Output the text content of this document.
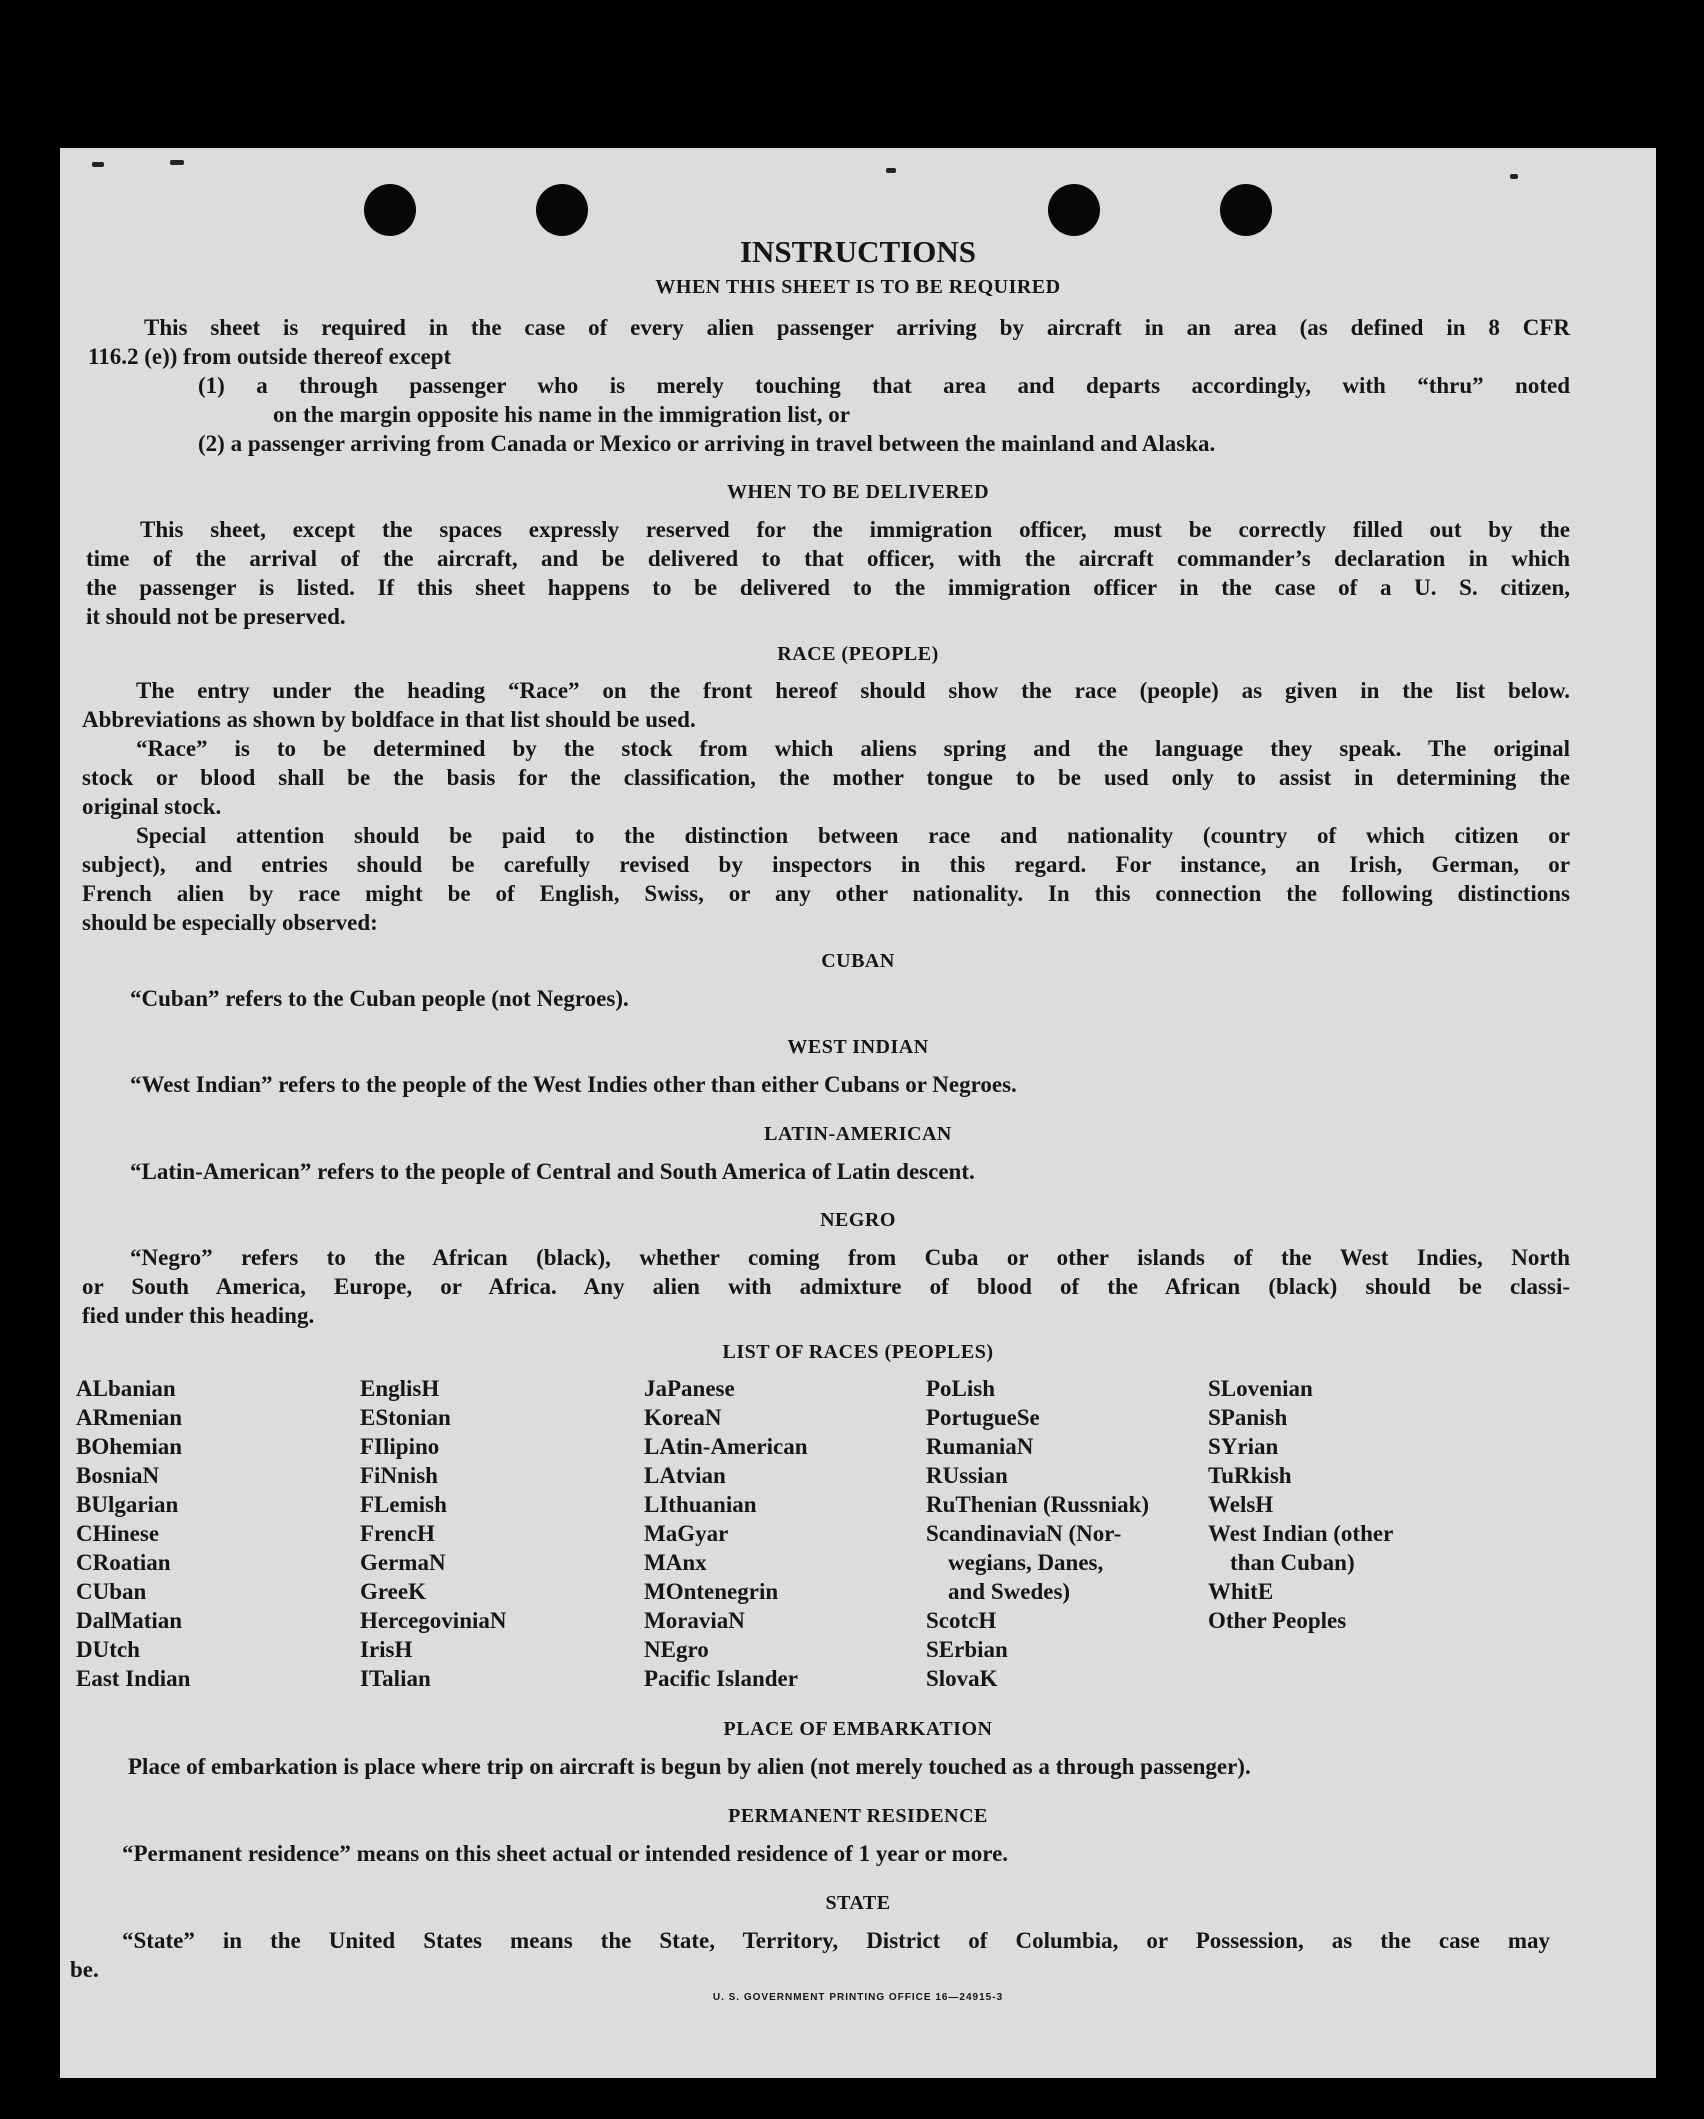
INSTRUCTIONS
WHEN THIS SHEET IS TO BE REQUIRED
This sheet is required in the case of every alien passenger arriving by aircraft in an area (as defined in 8 CFR
116.2 (e)) from outside thereof except
(1) a through passenger who is merely touching that area and departs accordingly, with “thru” noted
on the margin opposite his name in the immigration list, or
(2) a passenger arriving from Canada or Mexico or arriving in travel between the mainland and Alaska.
WHEN TO BE DELIVERED
This sheet, except the spaces expressly reserved for the immigration officer, must be correctly filled out by the
time of the arrival of the aircraft, and be delivered to that officer, with the aircraft commander’s declaration in which
the passenger is listed. If this sheet happens to be delivered to the immigration officer in the case of a U. S. citizen,
it should not be preserved.
RACE (PEOPLE)
The entry under the heading “Race” on the front hereof should show the race (people) as given in the list below.
Abbreviations as shown by boldface in that list should be used.
“Race” is to be determined by the stock from which aliens spring and the language they speak. The original
stock or blood shall be the basis for the classification, the mother tongue to be used only to assist in determining the
original stock.
Special attention should be paid to the distinction between race and nationality (country of which citizen or
subject), and entries should be carefully revised by inspectors in this regard. For instance, an Irish, German, or
French alien by race might be of English, Swiss, or any other nationality. In this connection the following distinctions
should be especially observed:
CUBAN
“Cuban” refers to the Cuban people (not Negroes).
WEST INDIAN
“West Indian” refers to the people of the West Indies other than either Cubans or Negroes.
LATIN-AMERICAN
“Latin-American” refers to the people of Central and South America of Latin descent.
NEGRO
“Negro” refers to the African (black), whether coming from Cuba or other islands of the West Indies, North
or South America, Europe, or Africa. Any alien with admixture of blood of the African (black) should be classi-
fied under this heading.
LIST OF RACES (PEOPLES)
ALbanian
ARmenian
BOhemian
BosniaN
BUlgarian
CHinese
CRoatian
CUban
DalMatian
DUtch
East Indian
EnglisH
EStonian
FIlipino
FiNnish
FLemish
FrencH
GermaN
GreeK
HercegoviniaN
IrisH
ITalian
JaPanese
KoreaN
LAtin-American
LAtvian
LIthuanian
MaGyar
MAnx
MOntenegrin
MoraviaN
NEgro
Pacific Islander
PoLish
PortugueSe
RumaniaN
RUssian
RuThenian (Russniak)
ScandinaviaN (Nor-
wegians, Danes,
and Swedes)
ScotcH
SErbian
SlovaK
SLovenian
SPanish
SYrian
TuRkish
WelsH
West Indian (other
than Cuban)
WhitE
Other Peoples
PLACE OF EMBARKATION
Place of embarkation is place where trip on aircraft is begun by alien (not merely touched as a through passenger).
PERMANENT RESIDENCE
“Permanent residence” means on this sheet actual or intended residence of 1 year or more.
STATE
“State” in the United States means the State, Territory, District of Columbia, or Possession, as the case may
be.
U. S. GOVERNMENT PRINTING OFFICE 16—24915-3
